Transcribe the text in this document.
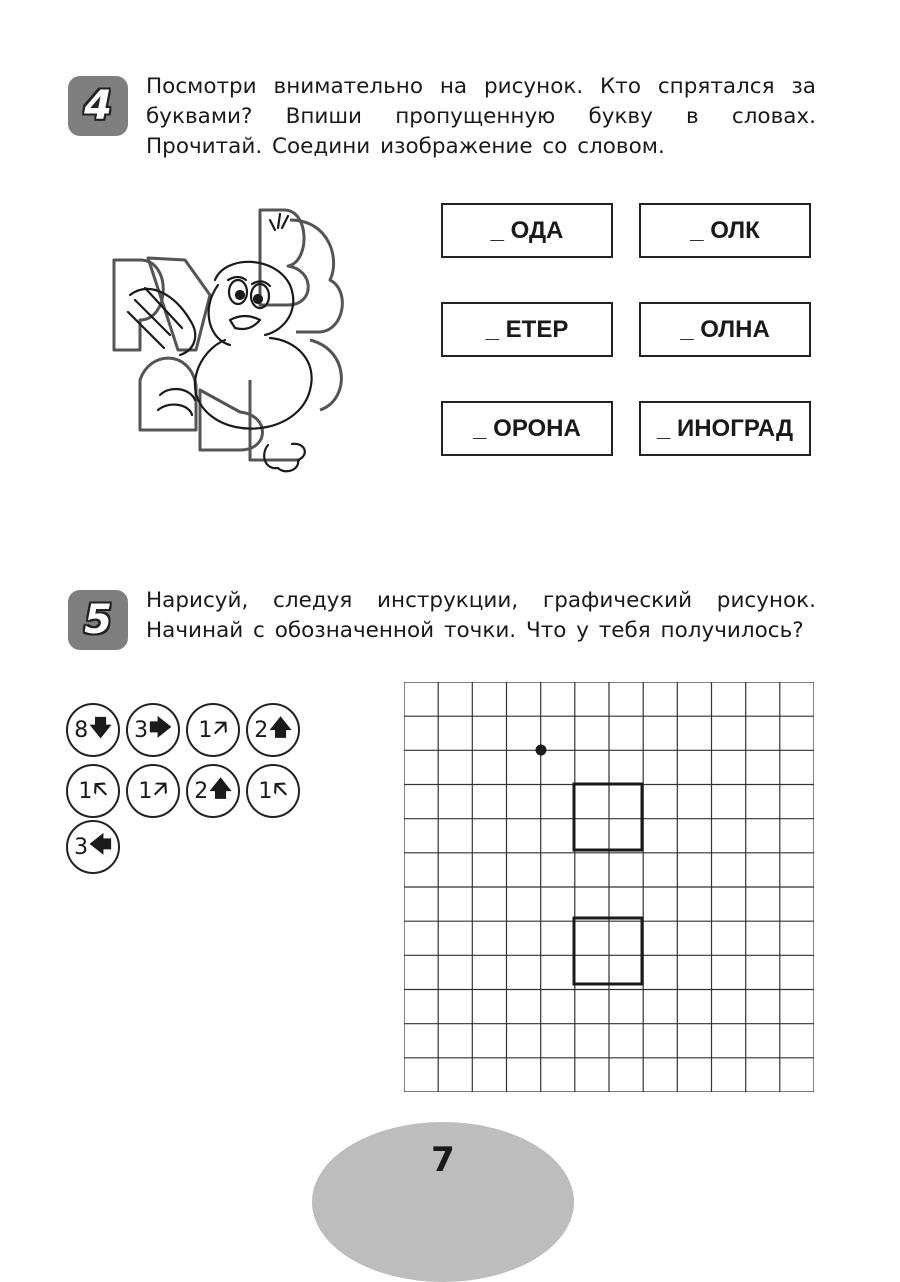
4	Посмотри внимательно на рисунок. Кто спрятался за буквами? Впиши пропущенную букву в словах. Прочитай. Соедини изображение со словом.
_ ОДА	_ ОЛК
_ ЕТЕР	_ ОЛНА
_ ОРОНА	_ ИНОГРАД
5	Нарисуй, следуя инструкции, графический рисунок. Начинай с обозначенной точки. Что у тебя получилось?
8 🡇 3 🡆 1 🡥 2 🡅
1 🡤 1 🡥 2 🡅 1 🡤
3 🡄
7
